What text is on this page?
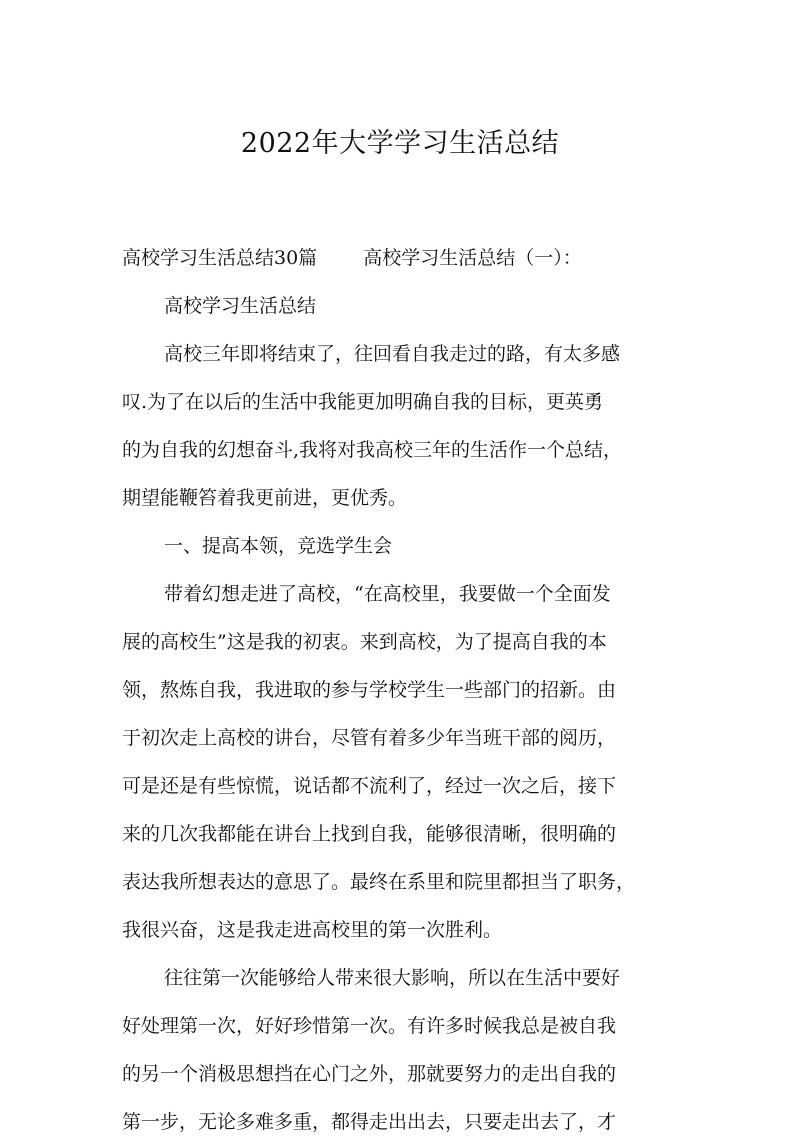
2022年大学学习生活总结
高校学习生活总结30篇 高校学习生活总结（一）：
高校学习生活总结
高校三年即将结束了，往回看自我走过的路，有太多感
叹.为了在以后的生活中我能更加明确自我的目标，更英勇
的为自我的幻想奋斗,我将对我高校三年的生活作一个总结，
期望能鞭笞着我更前进，更优秀。
一、提高本领，竞选学生会
带着幻想走进了高校，“在高校里，我要做一个全面发
展的高校生”这是我的初衷。来到高校，为了提高自我的本
领，熬炼自我，我进取的参与学校学生一些部门的招新。由
于初次走上高校的讲台，尽管有着多少年当班干部的阅历，
可是还是有些惊慌，说话都不流利了，经过一次之后，接下
来的几次我都能在讲台上找到自我，能够很清晰，很明确的
表达我所想表达的意思了。最终在系里和院里都担当了职务，
我很兴奋，这是我走进高校里的第一次胜利。
往往第一次能够给人带来很大影响，所以在生活中要好
好处理第一次，好好珍惜第一次。有许多时候我总是被自我
的另一个消极思想挡在心门之外，那就要努力的走出自我的
第一步，无论多难多重，都得走出出去，只要走出去了，才
